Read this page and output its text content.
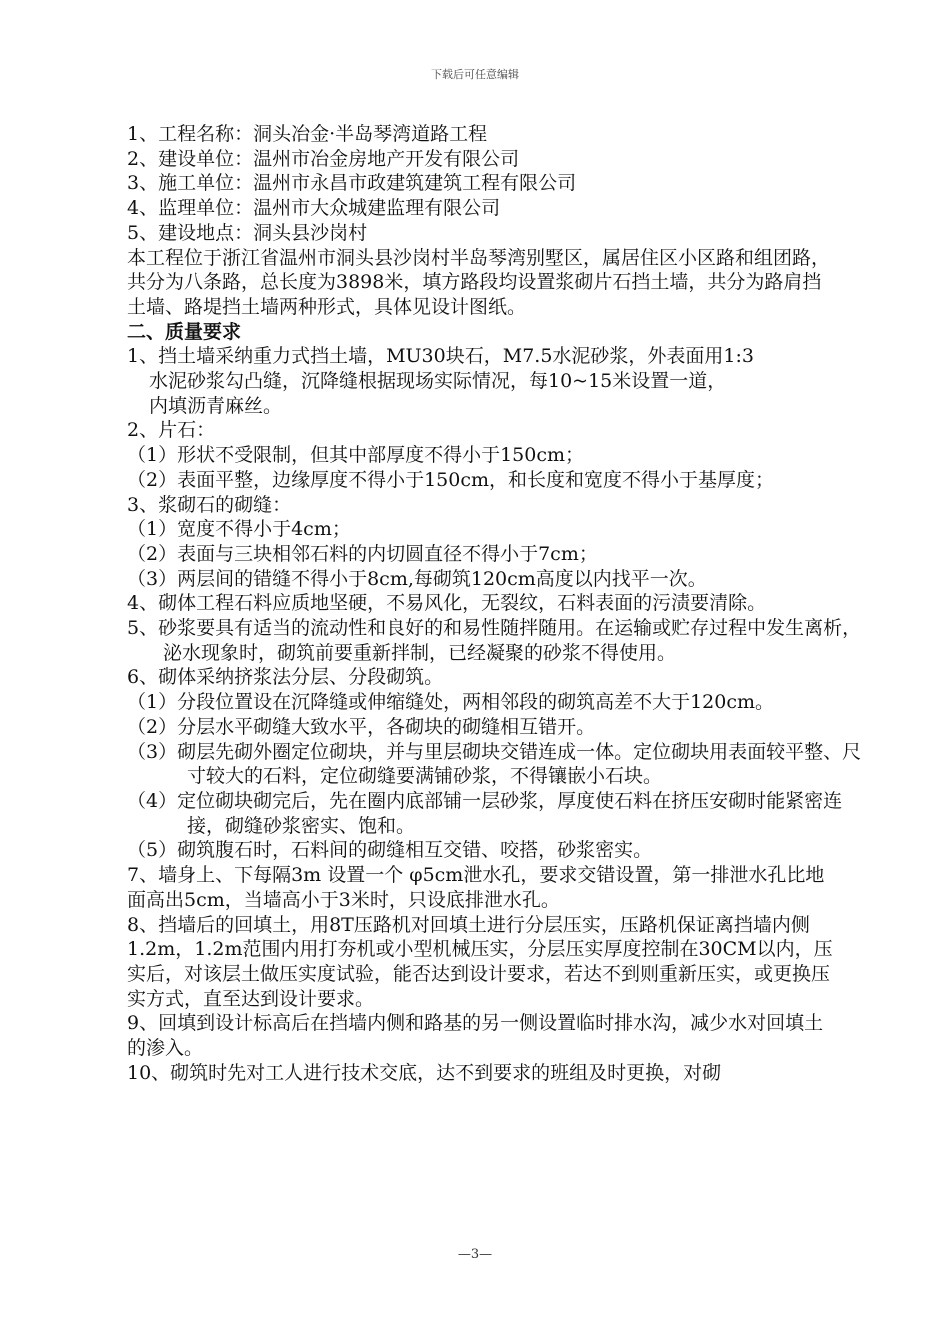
下载后可任意编辑

1、工程名称：洞头冶金·半岛琴湾道路工程

2、建设单位：温州市冶金房地产开发有限公司

3、施工单位：温州市永昌市政建筑建筑工程有限公司

4、监理单位：温州市大众城建监理有限公司

5、建设地点：洞头县沙岗村

本工程位于浙江省温州市洞头县沙岗村半岛琴湾别墅区，属居住区小区路和组团路，共分为八条路，总长度为3898米，填方路段均设置浆砌片石挡土墙，共分为路肩挡土墙、路堤挡土墙两种形式，具体见设计图纸。

二、质量要求

1、挡土墙采纳重力式挡土墙，MU30块石，M7.5水泥砂浆，外表面用1:3

水泥砂浆勾凸缝，沉降缝根据现场实际情况，每10~15米设置一道，

内填沥青麻丝。

2、片石：

（1）形状不受限制，但其中部厚度不得小于150cm；

（2）表面平整，边缘厚度不得小于150cm，和长度和宽度不得小于基厚度；

3、浆砌石的砌缝：

（1）宽度不得小于4cm；

（2）表面与三块相邻石料的内切圆直径不得小于7cm；

（3）两层间的错缝不得小于8cm,每砌筑120cm高度以内找平一次。

4、砌体工程石料应质地坚硬，不易风化，无裂纹，石料表面的污渍要清除。

5、砂浆要具有适当的流动性和良好的和易性随拌随用。在运输或贮存过程中发生离析，泌水现象时，砌筑前要重新拌制，已经凝聚的砂浆不得使用。

6、砌体采纳挤浆法分层、分段砌筑。

（1）分段位置设在沉降缝或伸缩缝处，两相邻段的砌筑高差不大于120cm。

（2）分层水平砌缝大致水平，各砌块的砌缝相互错开。

（3）砌层先砌外圈定位砌块，并与里层砌块交错连成一体。定位砌块用表面较平整、尺寸较大的石料，定位砌缝要满铺砂浆，不得镶嵌小石块。

（4）定位砌块砌完后，先在圈内底部铺一层砂浆，厚度使石料在挤压安砌时能紧密连接，砌缝砂浆密实、饱和。

（5）砌筑腹石时，石料间的砌缝相互交错、咬搭，砂浆密实。

7、墙身上、下每隔3m 设置一个 φ5cm泄水孔，要求交错设置，第一排泄水孔比地面高出5cm，当墙高小于3米时，只设底排泄水孔。

8、挡墙后的回填土，用8T压路机对回填土进行分层压实，压路机保证离挡墙内侧1.2m，1.2m范围内用打夯机或小型机械压实，分层压实厚度控制在30CM以内，压实后，对该层土做压实度试验，能否达到设计要求，若达不到则重新压实，或更换压实方式，直至达到设计要求。

9、回填到设计标高后在挡墙内侧和路基的另一侧设置临时排水沟，减少水对回填土的渗入。

10、砌筑时先对工人进行技术交底，达不到要求的班组及时更换，对砌

—3—
